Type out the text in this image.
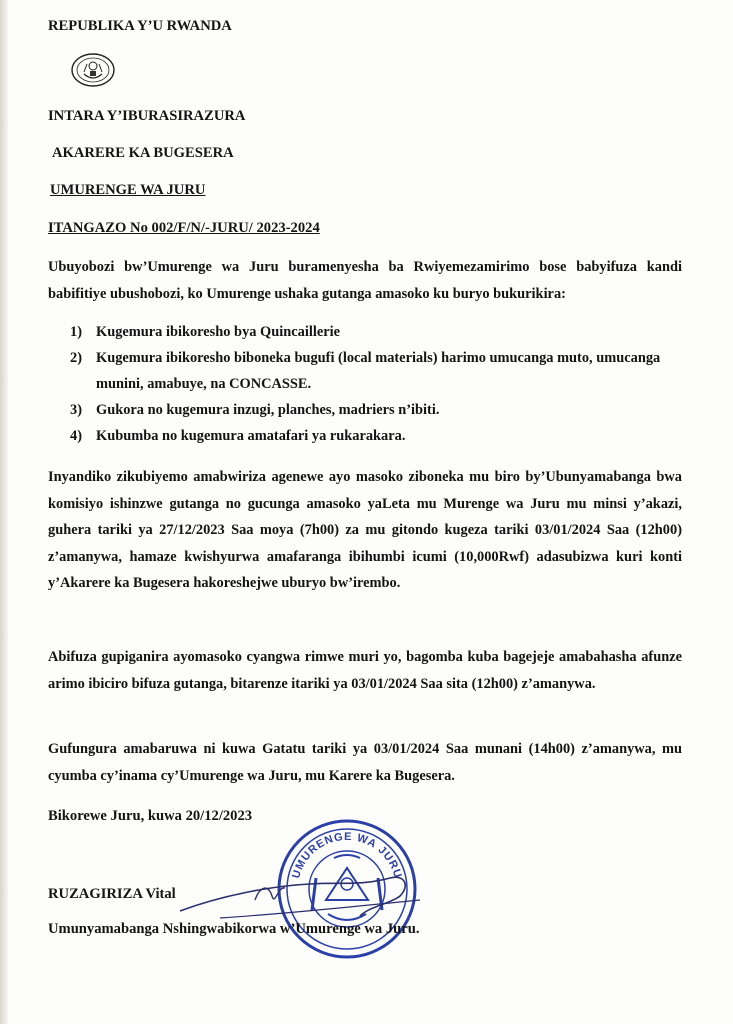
REPUBLIKA Y’U RWANDA
INTARA Y’IBURASIRAZURA
AKARERE KA BUGESERA
UMURENGE WA JURU
ITANGAZO No 002/F/N/-JURU/ 2023-2024
Ubuyobozi bw’Umurenge wa Juru buramenyesha ba Rwiyemezamirimo bose babyifuza kandi babifitiye ubushobozi, ko Umurenge ushaka gutanga amasoko ku buryo bukurikira:
1) Kugemura ibikoresho bya Quincaillerie
2) Kugemura ibikoresho biboneka bugufi (local materials) harimo umucanga muto, umucanga munini, amabuye, na CONCASSE.
3) Gukora no kugemura inzugi, planches, madriers n’ibiti.
4) Kubumba no kugemura amatafari ya rukarakara.
Inyandiko zikubiyemo amabwiriza agenewe ayo masoko ziboneka mu biro by’Ubunyamabanga bwa komisiyo ishinzwe gutanga no gucunga amasoko yaLeta mu Murenge wa Juru mu minsi y’akazi, guhera tariki ya 27/12/2023 Saa moya (7h00) za mu gitondo kugeza tariki 03/01/2024 Saa (12h00) z’amanywa, hamaze kwishyurwa amafaranga ibihumbi icumi (10,000Rwf) adasubizwa kuri konti y’Akarere ka Bugesera hakoreshejwe uburyo bw’irembo.
Abifuza gupiganira ayomasoko cyangwa rimwe muri yo, bagomba kuba bagejeje amabahasha afunze arimo ibiciro bifuza gutanga, bitarenze itariki ya 03/01/2024 Saa sita (12h00) z’amanywa.
Gufungura amabaruwa ni kuwa Gatatu tariki ya 03/01/2024 Saa munani (14h00) z’amanywa, mu cyumba cy’inama cy’Umurenge wa Juru, mu Karere ka Bugesera.
Bikorewe Juru, kuwa 20/12/2023
UMURENGE WA JURU
RUZAGIRIZA Vital
Umunyamabanga Nshingwabikorwa w’Umurenge wa Juru.
